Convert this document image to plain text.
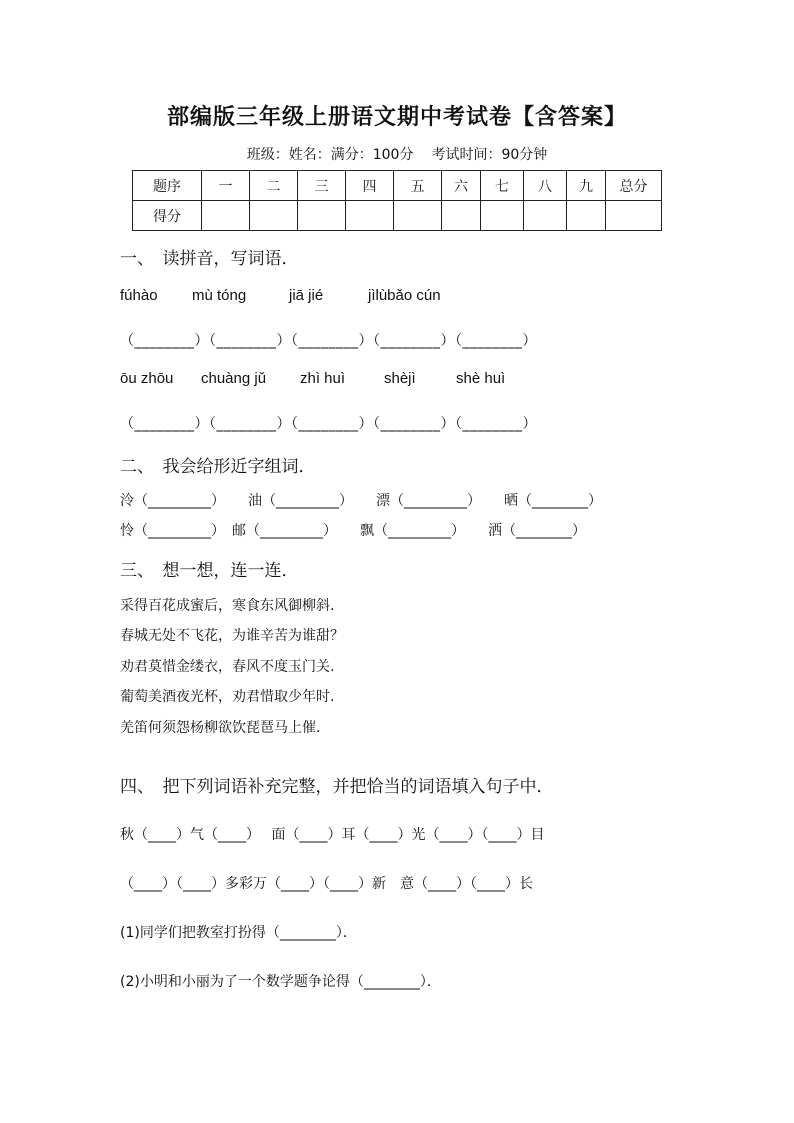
部编版三年级上册语文期中考试卷【含答案】
班级：姓名：满分：100分 考试时间：90分钟
题序	一	二	三	四	五	六	七	八	九	总分
得分										
一、　读拼音，写词语．
fúhào mù tóng	jiā jié	jìlùbǎo cún
（________）（________）（________）（________）（________）
ōu zhōu chuàng jǔ zhì huì	shèjì	shè huì
（________）（________）（________）（________）（________）
二、　我会给形近字组词．
泠（_________） 油（_________） 漂（_________） 晒（________）
怜（_________） 邮（_________） 飘（_________） 洒（________）
三、　想一想，连一连．
采得百花成蜜后，寒食东风御柳斜.
春城无处不飞花，为谁辛苦为谁甜？
劝君莫惜金缕衣，春风不度玉门关.
葡萄美酒夜光杯，劝君惜取少年时.
羌笛何须怨杨柳欲饮琵琶马上催.
四、　把下列词语补充完整，并把恰当的词语填入句子中．
秋（____）气（____）　 面（____）耳（____）光（____）（____）目
（____）（____）多彩万（____）（____）新　意（____）（____）长
(1)同学们把教室打扮得（________）．
(2)小明和小丽为了一个数学题争论得（________）．
